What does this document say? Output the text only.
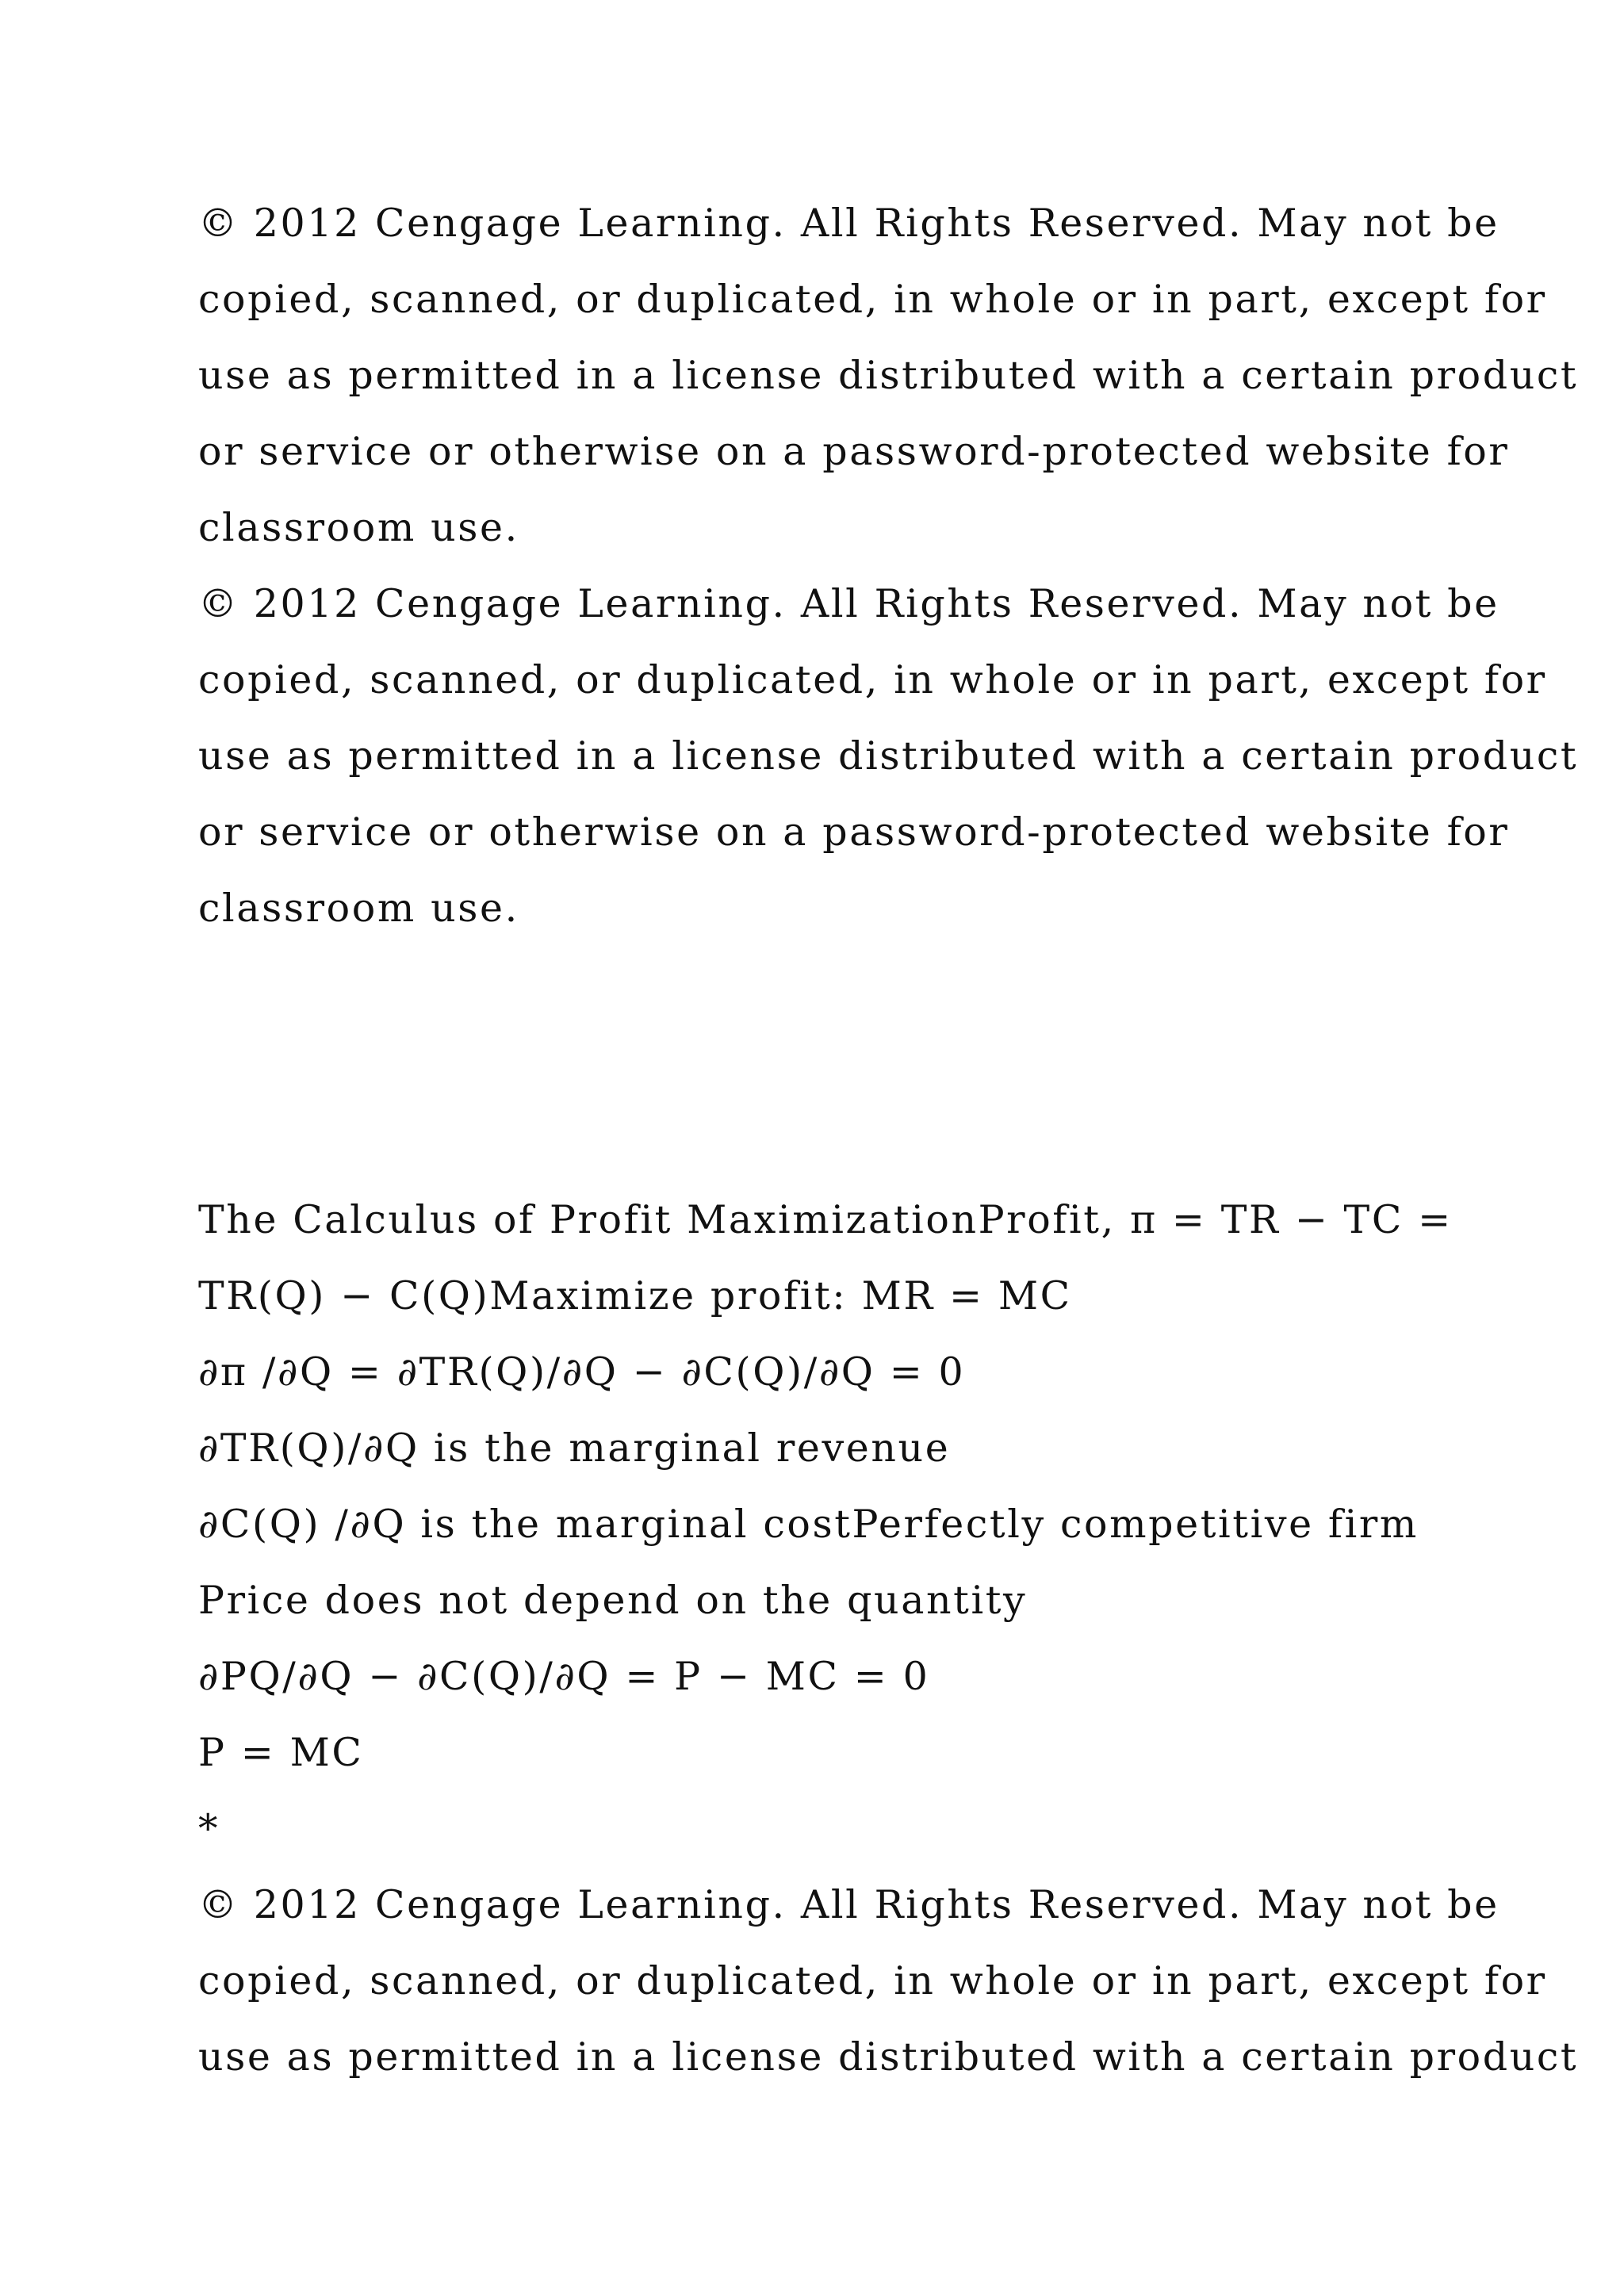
© 2012 Cengage Learning. All Rights Reserved. May not be
copied, scanned, or duplicated, in whole or in part, except for
use as permitted in a license distributed with a certain product
or service or otherwise on a password-protected website for
classroom use.
© 2012 Cengage Learning. All Rights Reserved. May not be
copied, scanned, or duplicated, in whole or in part, except for
use as permitted in a license distributed with a certain product
or service or otherwise on a password-protected website for
classroom use.
The Calculus of Profit MaximizationProfit, π = TR − TC =
TR(Q) − C(Q)Maximize profit: MR = MC
∂π /∂Q = ∂TR(Q)/∂Q − ∂C(Q)/∂Q = 0
∂TR(Q)/∂Q is the marginal revenue
∂C(Q) /∂Q is the marginal costPerfectly competitive firm
Price does not depend on the quantity
∂PQ/∂Q − ∂C(Q)/∂Q = P − MC = 0
P = MC
*
© 2012 Cengage Learning. All Rights Reserved. May not be
copied, scanned, or duplicated, in whole or in part, except for
use as permitted in a license distributed with a certain product
